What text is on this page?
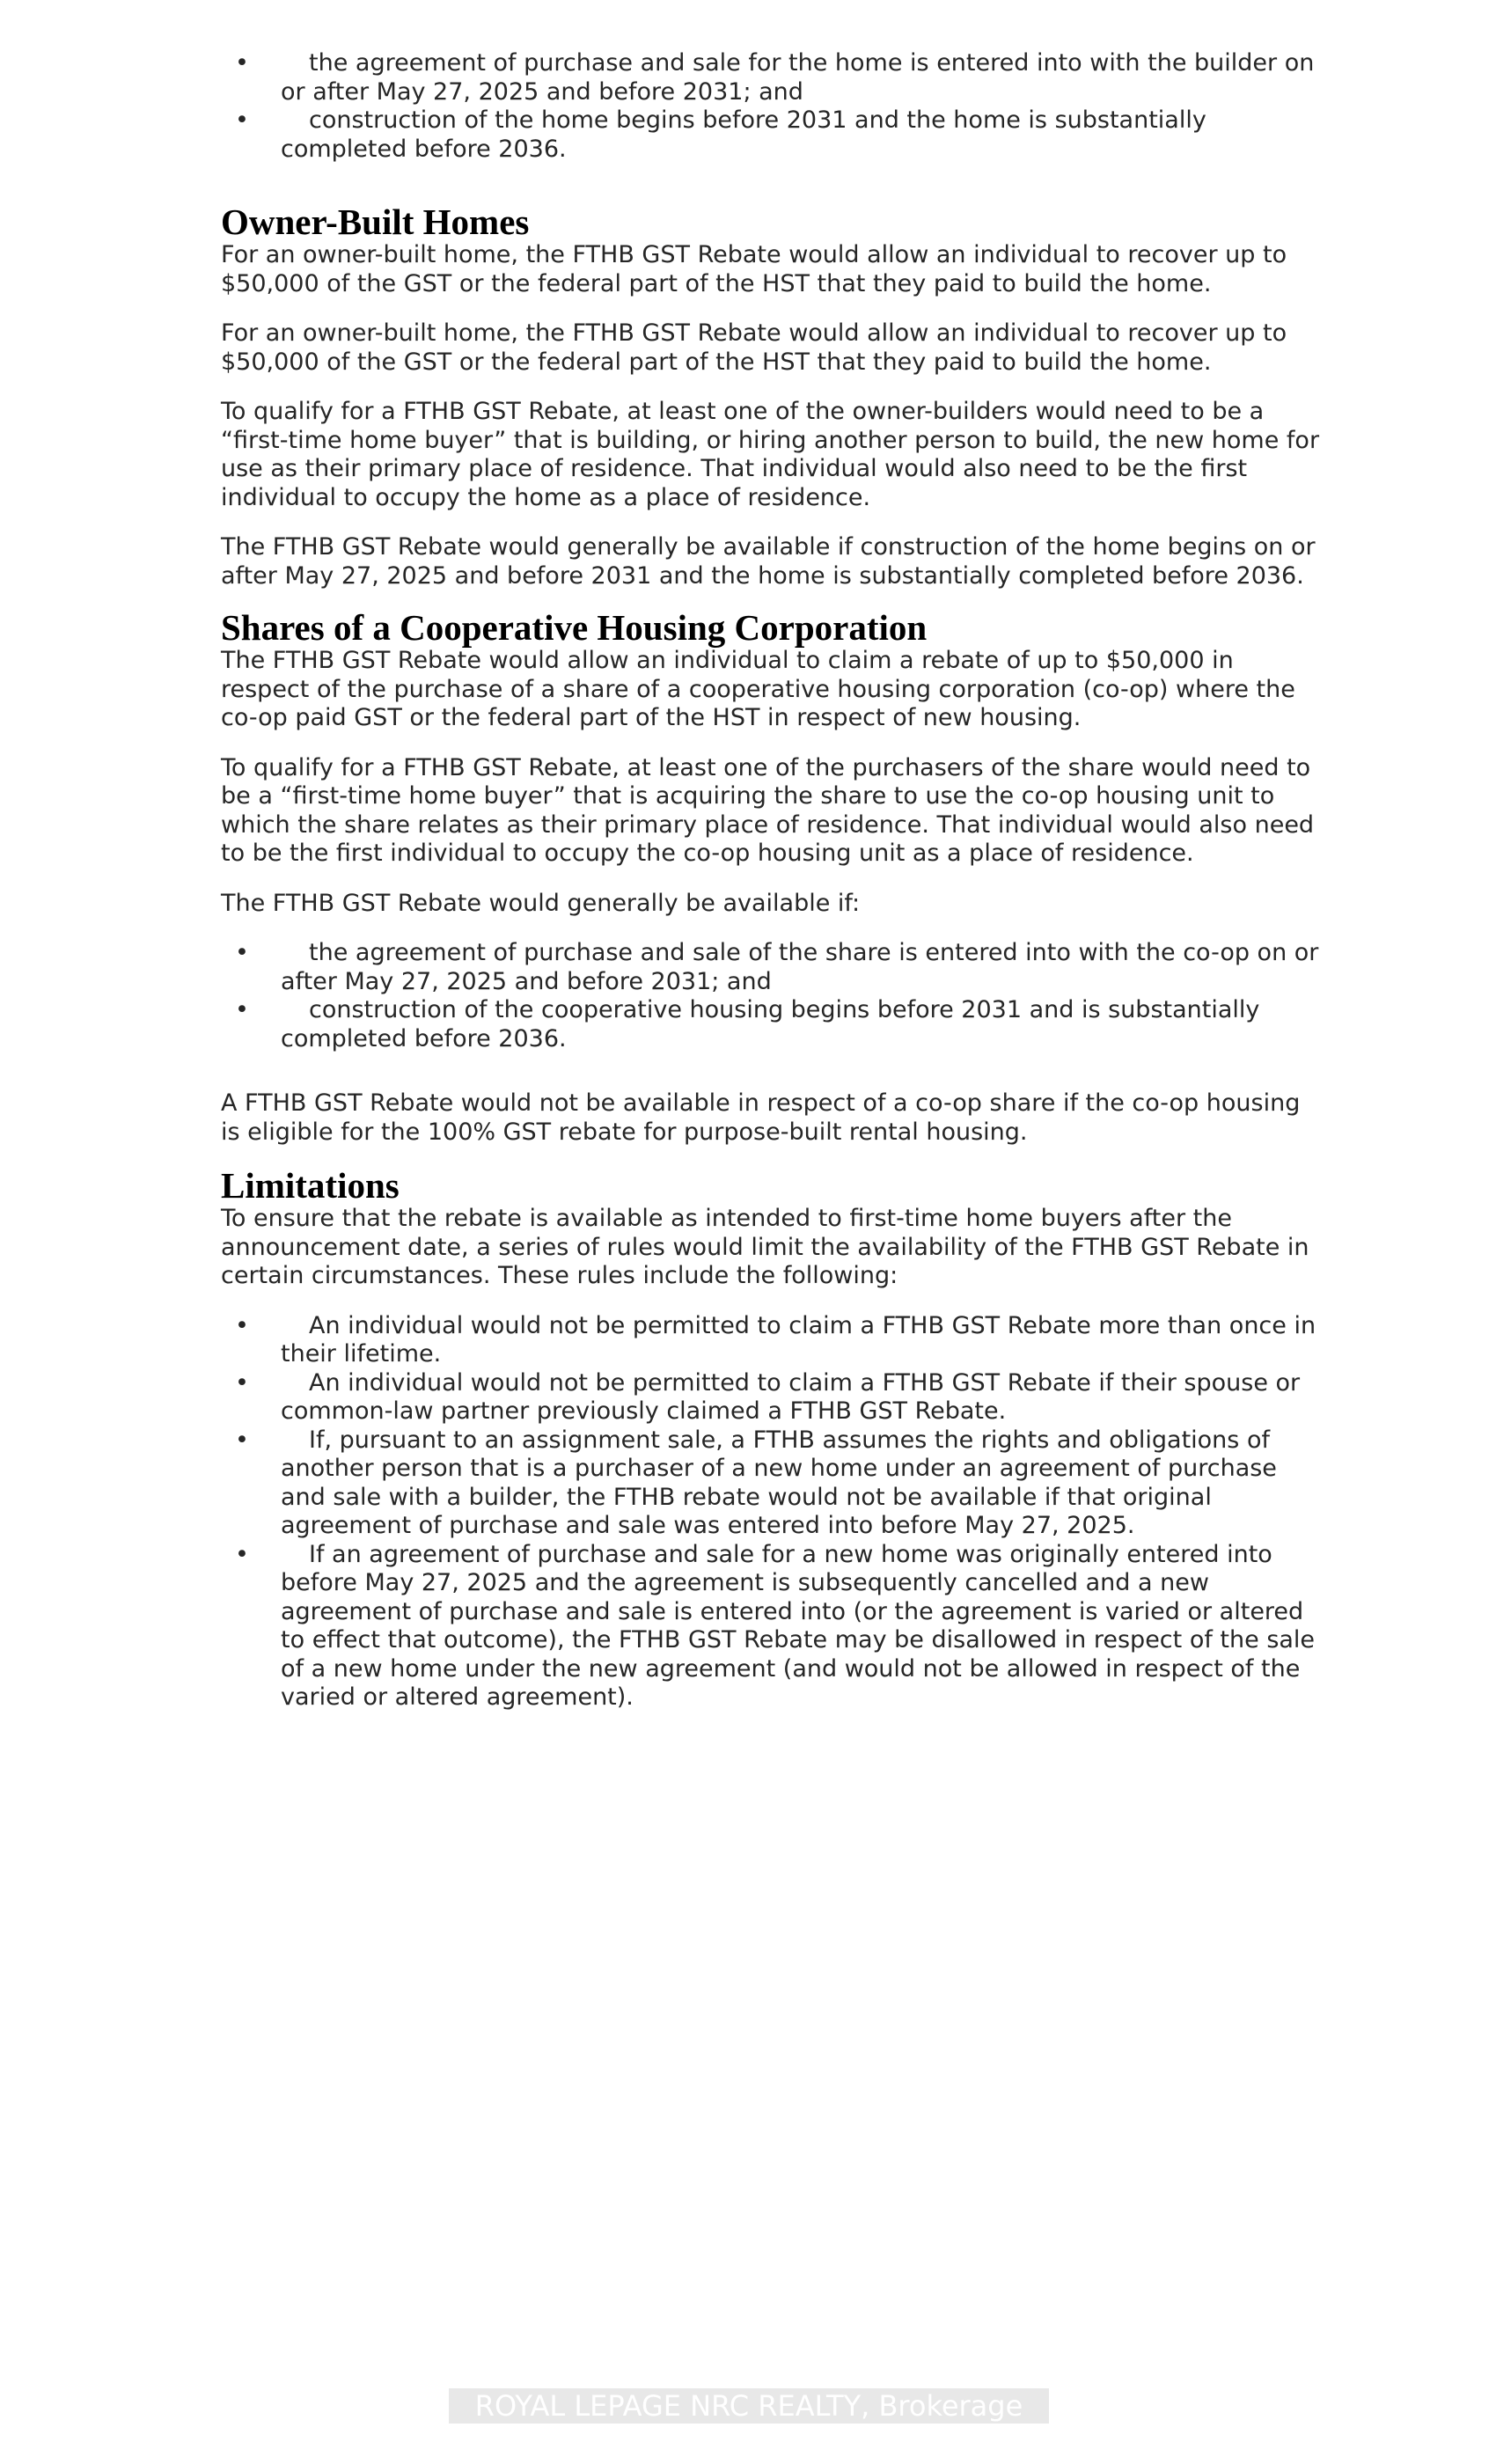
•	the agreement of purchase and sale for the home is entered into with the builder on or after May 27, 2025 and before 2031; and
•	construction of the home begins before 2031 and the home is substantially completed before 2036.
Owner-Built Homes

For an owner-built home, the FTHB GST Rebate would allow an individual to recover up to $50,000 of the GST or the federal part of the HST that they paid to build the home.

For an owner-built home, the FTHB GST Rebate would allow an individual to recover up to $50,000 of the GST or the federal part of the HST that they paid to build the home.

To qualify for a FTHB GST Rebate, at least one of the owner-builders would need to be a “first-time home buyer” that is building, or hiring another person to build, the new home for use as their primary place of residence. That individual would also need to be the first individual to occupy the home as a place of residence.

The FTHB GST Rebate would generally be available if construction of the home begins on or after May 27, 2025 and before 2031 and the home is substantially completed before 2036.

Shares of a Cooperative Housing Corporation

The FTHB GST Rebate would allow an individual to claim a rebate of up to $50,000 in respect of the purchase of a share of a cooperative housing corporation (co-op) where the co-op paid GST or the federal part of the HST in respect of new housing.

To qualify for a FTHB GST Rebate, at least one of the purchasers of the share would need to be a “first-time home buyer” that is acquiring the share to use the co-op housing unit to which the share relates as their primary place of residence. That individual would also need to be the first individual to occupy the co-op housing unit as a place of residence.

The FTHB GST Rebate would generally be available if:

•	the agreement of purchase and sale of the share is entered into with the co-op on or after May 27, 2025 and before 2031; and
•	construction of the cooperative housing begins before 2031 and is substantially completed before 2036.

A FTHB GST Rebate would not be available in respect of a co-op share if the co-op housing is eligible for the 100% GST rebate for purpose-built rental housing.

Limitations

To ensure that the rebate is available as intended to first-time home buyers after the announcement date, a series of rules would limit the availability of the FTHB GST Rebate in certain circumstances. These rules include the following:

•	An individual would not be permitted to claim a FTHB GST Rebate more than once in their lifetime.
•	An individual would not be permitted to claim a FTHB GST Rebate if their spouse or common-law partner previously claimed a FTHB GST Rebate.
•	If, pursuant to an assignment sale, a FTHB assumes the rights and obligations of another person that is a purchaser of a new home under an agreement of purchase and sale with a builder, the FTHB rebate would not be available if that original agreement of purchase and sale was entered into before May 27, 2025.
•	If an agreement of purchase and sale for a new home was originally entered into before May 27, 2025 and the agreement is subsequently cancelled and a new agreement of purchase and sale is entered into (or the agreement is varied or altered to effect that outcome), the FTHB GST Rebate may be disallowed in respect of the sale of a new home under the new agreement (and would not be allowed in respect of the varied or altered agreement).
ROYAL LEPAGE NRC REALTY, Brokerage
